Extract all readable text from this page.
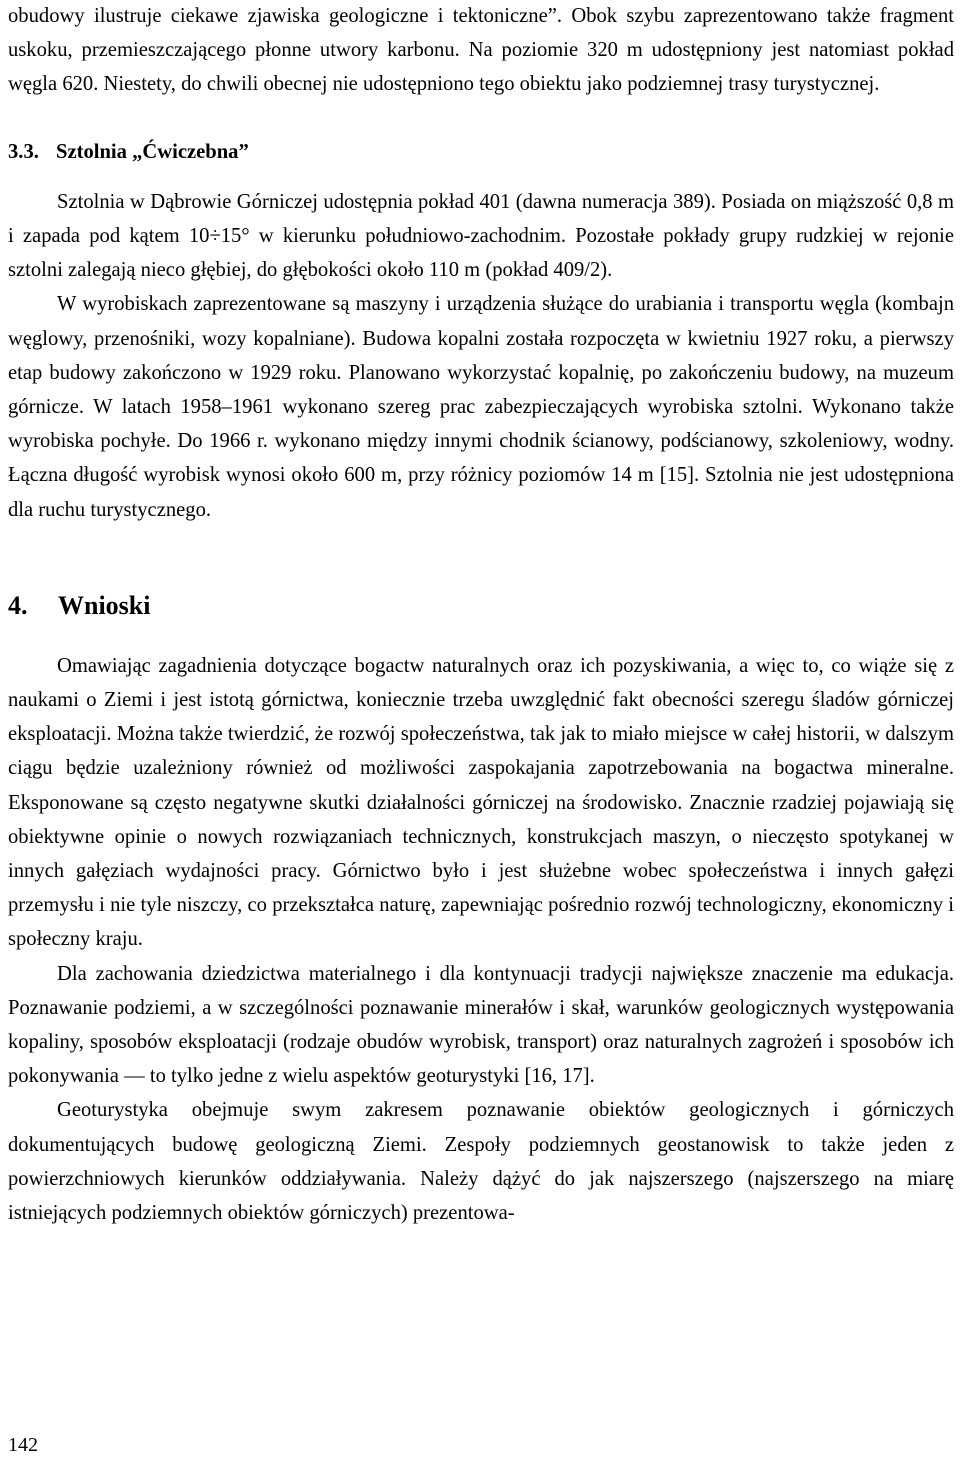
obudowy ilustruje ciekawe zjawiska geologiczne i tektoniczne”. Obok szybu zaprezentowano także fragment uskoku, przemieszczającego płonne utwory karbonu. Na poziomie 320 m udostępniony jest natomiast pokład węgla 620. Niestety, do chwili obecnej nie udostępniono tego obiektu jako podziemnej trasy turystycznej.

3.3. Sztolnia „Ćwiczebna”

Sztolnia w Dąbrowie Górniczej udostępnia pokład 401 (dawna numeracja 389). Posiada on miąższość 0,8 m i zapada pod kątem 10÷15° w kierunku południowo-zachodnim. Pozostałe pokłady grupy rudzkiej w rejonie sztolni zalegają nieco głębiej, do głębokości około 110 m (pokład 409/2).

W wyrobiskach zaprezentowane są maszyny i urządzenia służące do urabiania i transportu węgla (kombajn węglowy, przenośniki, wozy kopalniane). Budowa kopalni została rozpoczęta w kwietniu 1927 roku, a pierwszy etap budowy zakończono w 1929 roku. Planowano wykorzystać kopalnię, po zakończeniu budowy, na muzeum górnicze. W latach 1958–1961 wykonano szereg prac zabezpieczających wyrobiska sztolni. Wykonano także wyrobiska pochyłe. Do 1966 r. wykonano między innymi chodnik ścianowy, podścianowy, szkoleniowy, wodny. Łączna długość wyrobisk wynosi około 600 m, przy różnicy poziomów 14 m [15]. Sztolnia nie jest udostępniona dla ruchu turystycznego.

4. Wnioski

Omawiając zagadnienia dotyczące bogactw naturalnych oraz ich pozyskiwania, a więc to, co wiąże się z naukami o Ziemi i jest istotą górnictwa, koniecznie trzeba uwzględnić fakt obecności szeregu śladów górniczej eksploatacji. Można także twierdzić, że rozwój społeczeństwa, tak jak to miało miejsce w całej historii, w dalszym ciągu będzie uzależniony również od możliwości zaspokajania zapotrzebowania na bogactwa mineralne. Eksponowane są często negatywne skutki działalności górniczej na środowisko. Znacznie rzadziej pojawiają się obiektywne opinie o nowych rozwiązaniach technicznych, konstrukcjach maszyn, o nieczęsto spotykanej w innych gałęziach wydajności pracy. Górnictwo było i jest służebne wobec społeczeństwa i innych gałęzi przemysłu i nie tyle niszczy, co przekształca naturę, zapewniając pośrednio rozwój technologiczny, ekonomiczny i społeczny kraju.

Dla zachowania dziedzictwa materialnego i dla kontynuacji tradycji największe znaczenie ma edukacja. Poznawanie podziemi, a w szczególności poznawanie minerałów i skał, warunków geologicznych występowania kopaliny, sposobów eksploatacji (rodzaje obudów wyrobisk, transport) oraz naturalnych zagrożeń i sposobów ich pokonywania — to tylko jedne z wielu aspektów geoturystyki [16, 17].

Geoturystyka obejmuje swym zakresem poznawanie obiektów geologicznych i górniczych dokumentujących budowę geologiczną Ziemi. Zespoły podziemnych geostanowisk to także jeden z powierzchniowych kierunków oddziaływania. Należy dążyć do jak najszerszego (najszerszego na miarę istniejących podziemnych obiektów górniczych) prezentowa-

142
